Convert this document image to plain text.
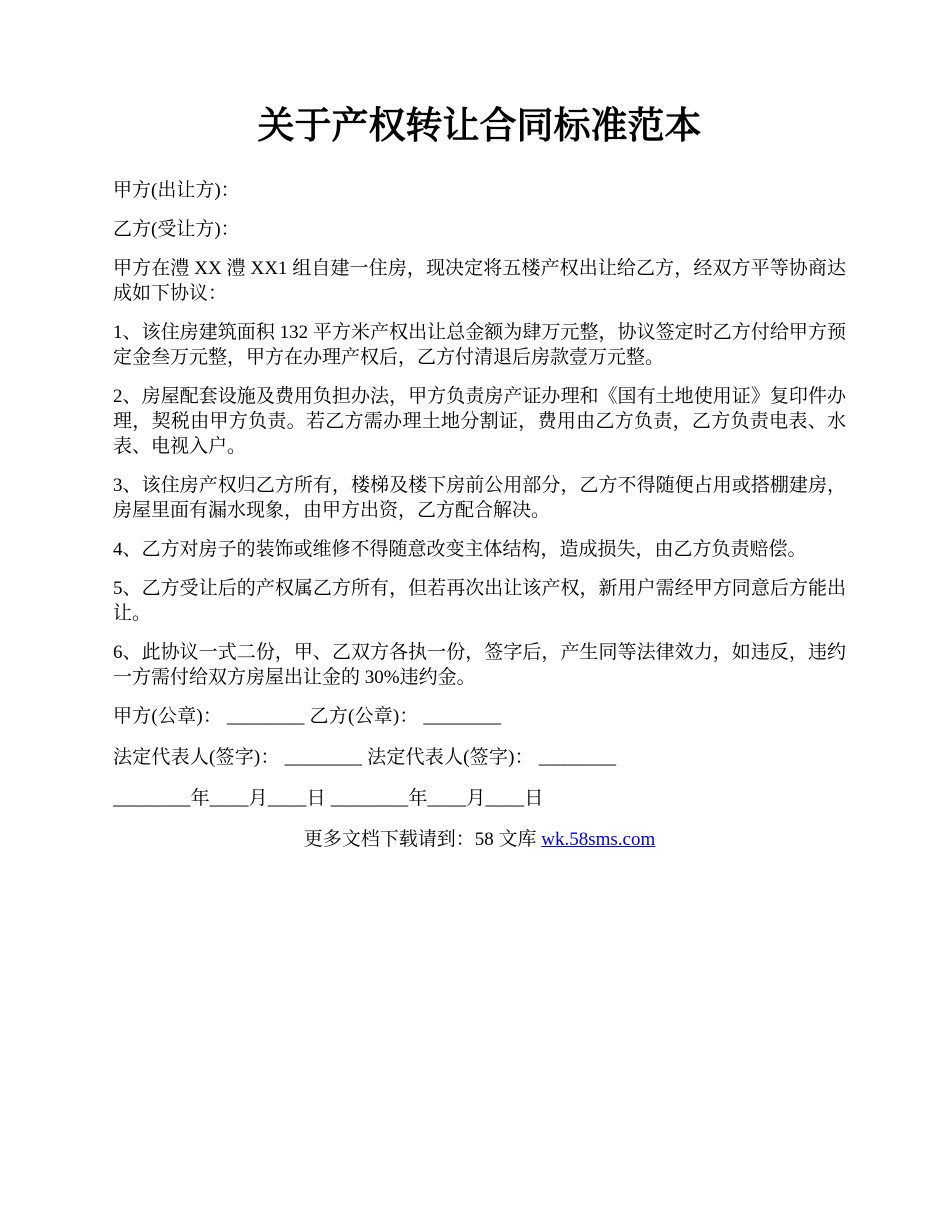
关于产权转让合同标准范本

甲方(出让方)：

乙方(受让方)：

甲方在澧 XX 澧 XX1 组自建一住房，现决定将五楼产权出让给乙方，经双方平等协商达成如下协议：

1、该住房建筑面积 132 平方米产权出让总金额为肆万元整，协议签定时乙方付给甲方预定金叁万元整，甲方在办理产权后，乙方付清退后房款壹万元整。

2、房屋配套设施及费用负担办法，甲方负责房产证办理和《国有土地使用证》复印件办理，契税由甲方负责。若乙方需办理土地分割证，费用由乙方负责，乙方负责电表、水表、电视入户。

3、该住房产权归乙方所有，楼梯及楼下房前公用部分，乙方不得随便占用或搭棚建房，房屋里面有漏水现象，由甲方出资，乙方配合解决。

4、乙方对房子的装饰或维修不得随意改变主体结构，造成损失，由乙方负责赔偿。

5、乙方受让后的产权属乙方所有，但若再次出让该产权，新用户需经甲方同意后方能出让。

6、此协议一式二份，甲、乙双方各执一份，签字后，产生同等法律效力，如违反，违约一方需付给双方房屋出让金的 30%违约金。

甲方(公章)： ________ 乙方(公章)： ________

法定代表人(签字)： ________ 法定代表人(签字)： ________

________年____月____日 ________年____月____日

更多文档下载请到：58 文库 wk.58sms.com
